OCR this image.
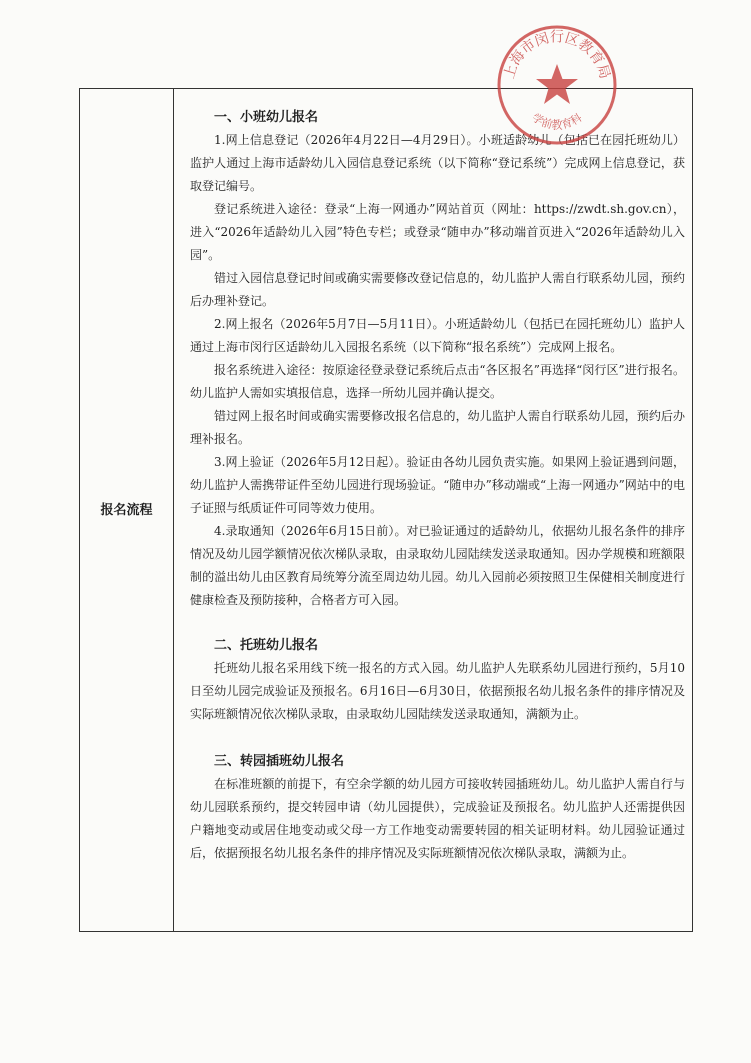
报名流程
一、小班幼儿报名

1.网上信息登记（2026年4月22日—4月29日）。小班适龄幼儿（包括已在园托班幼儿）监护人通过上海市适龄幼儿入园信息登记系统（以下简称“登记系统”）完成网上信息登记，获取登记编号。

登记系统进入途径：登录“上海一网通办”网站首页（网址：https://zwdt.sh.gov.cn），进入“2026年适龄幼儿入园”特色专栏；或登录“随申办”移动端首页进入“2026年适龄幼儿入园”。

错过入园信息登记时间或确实需要修改登记信息的，幼儿监护人需自行联系幼儿园，预约后办理补登记。

2.网上报名（2026年5月7日—5月11日）。小班适龄幼儿（包括已在园托班幼儿）监护人通过上海市闵行区适龄幼儿入园报名系统（以下简称“报名系统”）完成网上报名。

报名系统进入途径：按原途径登录登记系统后点击“各区报名”再选择“闵行区”进行报名。幼儿监护人需如实填报信息，选择一所幼儿园并确认提交。

错过网上报名时间或确实需要修改报名信息的，幼儿监护人需自行联系幼儿园，预约后办理补报名。

3.网上验证（2026年5月12日起）。验证由各幼儿园负责实施。如果网上验证遇到问题，幼儿监护人需携带证件至幼儿园进行现场验证。“随申办”移动端或“上海一网通办”网站中的电子证照与纸质证件可同等效力使用。

4.录取通知（2026年6月15日前）。对已验证通过的适龄幼儿，依据幼儿报名条件的排序情况及幼儿园学额情况依次梯队录取，由录取幼儿园陆续发送录取通知。因办学规模和班额限制的溢出幼儿由区教育局统筹分流至周边幼儿园。幼儿入园前必须按照卫生保健相关制度进行健康检查及预防接种，合格者方可入园。

二、托班幼儿报名

托班幼儿报名采用线下统一报名的方式入园。幼儿监护人先联系幼儿园进行预约，5月10日至幼儿园完成验证及预报名。6月16日—6月30日，依据预报名幼儿报名条件的排序情况及实际班额情况依次梯队录取，由录取幼儿园陆续发送录取通知，满额为止。

三、转园插班幼儿报名

在标准班额的前提下，有空余学额的幼儿园方可接收转园插班幼儿。幼儿监护人需自行与幼儿园联系预约，提交转园申请（幼儿园提供），完成验证及预报名。幼儿监护人还需提供因户籍地变动或居住地变动或父母一方工作地变动需要转园的相关证明材料。幼儿园验证通过后，依据预报名幼儿报名条件的排序情况及实际班额情况依次梯队录取，满额为止。

上海市闵行区教育局
学前教育科
